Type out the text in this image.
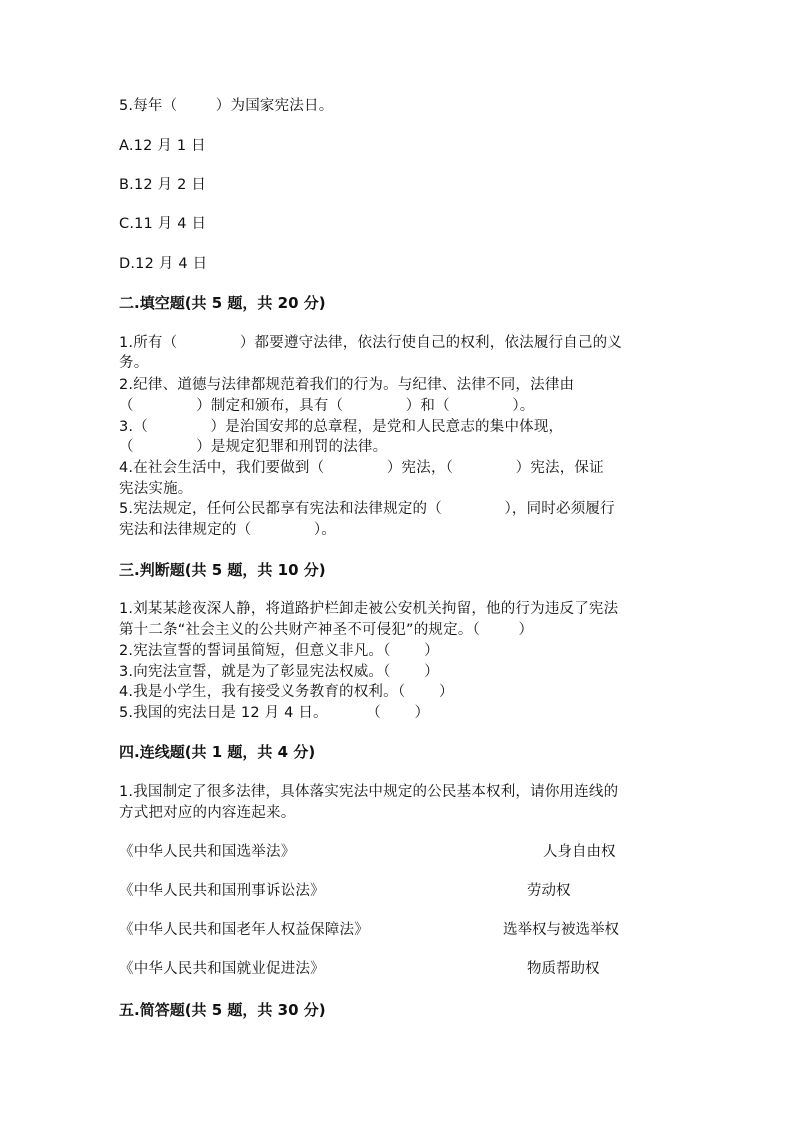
5.每年（        ）为国家宪法日。
A.12 月 1 日
B.12 月 2 日
C.11 月 4 日
D.12 月 4 日
二.填空题(共 5 题，共 20 分)
1.所有（             ）都要遵守法律，依法行使自己的权利，依法履行自己的义
务。
2.纪律、道德与法律都规范着我们的行为。与纪律、法律不同，法律由
（             ）制定和颁布，具有（             ）和（             ）。
3.（             ）是治国安邦的总章程，是党和人民意志的集中体现，
（             ）是规定犯罪和刑罚的法律。
4.在社会生活中，我们要做到（             ）宪法，（             ）宪法，保证
宪法实施。
5.宪法规定，任何公民都享有宪法和法律规定的（             ），同时必须履行
宪法和法律规定的（             ）。
三.判断题(共 5 题，共 10 分)
1.刘某某趁夜深人静，将道路护栏卸走被公安机关拘留，他的行为违反了宪法
第十二条“社会主义的公共财产神圣不可侵犯”的规定。（        ）
2.宪法宣誓的誓词虽简短，但意义非凡。（       ）
3.向宪法宣誓，就是为了彰显宪法权威。（       ）
4.我是小学生，我有接受义务教育的权利。（       ）
5.我国的宪法日是 12 月 4 日。        （       ）
四.连线题(共 1 题，共 4 分)
1.我国制定了很多法律，具体落实宪法中规定的公民基本权利，请你用连线的
方式把对应的内容连起来。
《中华人民共和国选举法》	人身自由权
《中华人民共和国刑事诉讼法》	劳动权
《中华人民共和国老年人权益保障法》	选举权与被选举权
《中华人民共和国就业促进法》	物质帮助权
五.简答题(共 5 题，共 30 分)
